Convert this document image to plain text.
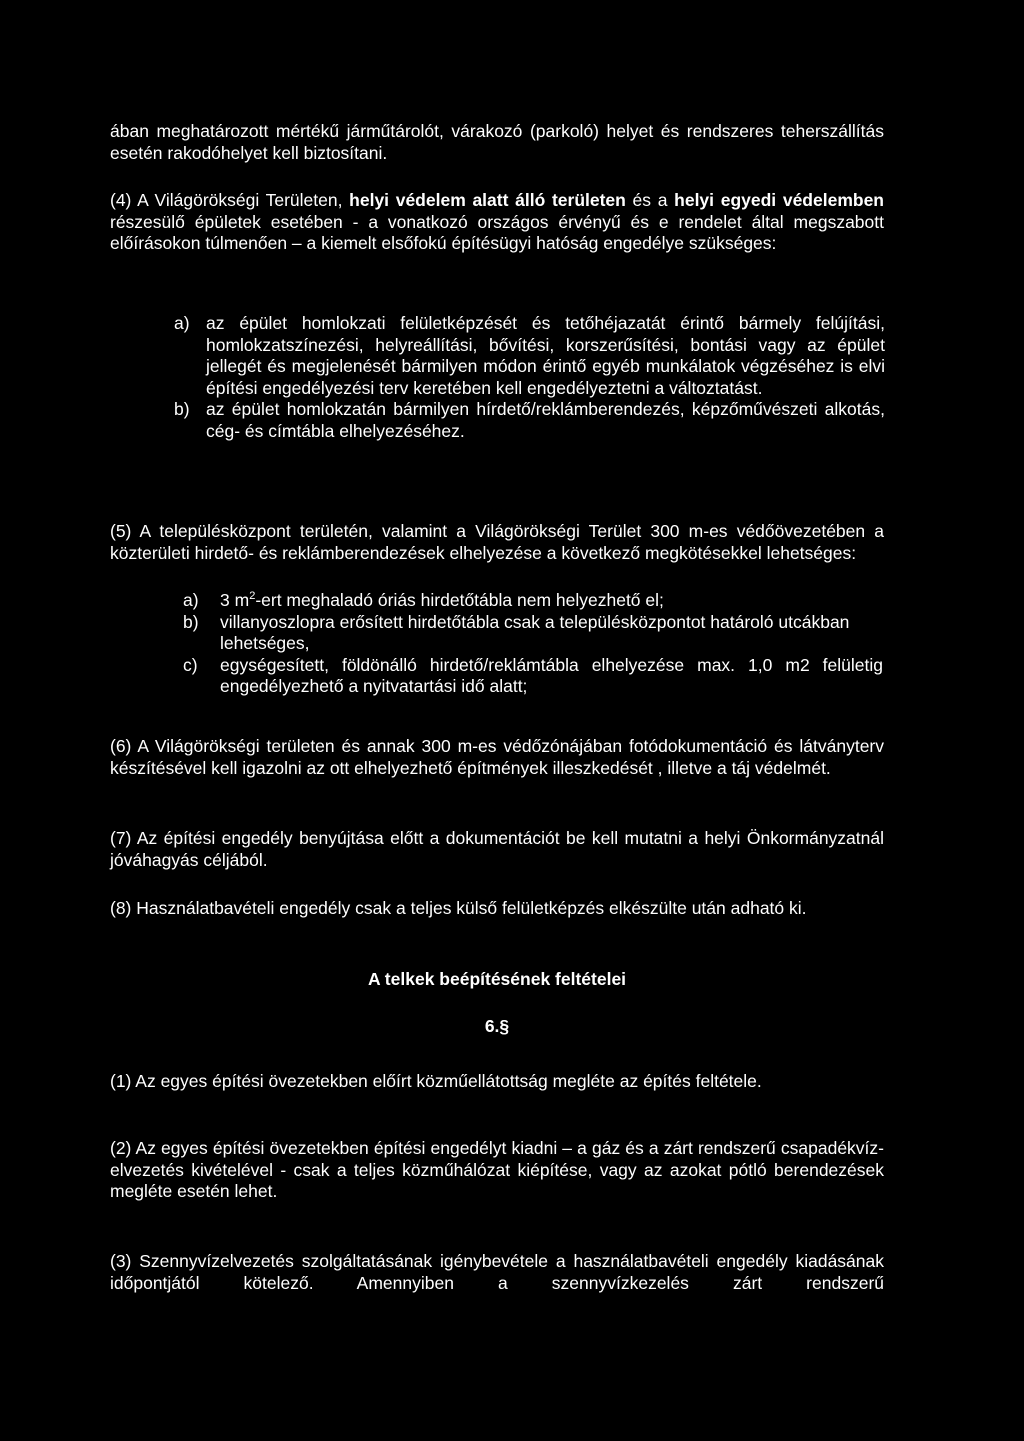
ában meghatározott mértékű járműtárolót, várakozó (parkoló) helyet és rendszeres teherszállítás esetén rakodóhelyet kell biztosítani.

(4) A Világörökségi Területen, helyi védelem alatt álló területen és a helyi egyedi védelemben részesülő épületek esetében - a vonatkozó országos érvényű és e rendelet által megszabott előírásokon túlmenően – a kiemelt elsőfokú építésügyi hatóság engedélye szükséges:

a) az épület homlokzati felületképzését és tetőhéjazatát érintő bármely felújítási, homlokzatszínezési, helyreállítási, bővítési, korszerűsítési, bontási vagy az épület jellegét és megjelenését bármilyen módon érintő egyéb munkálatok végzéséhez is elvi építési engedélyezési terv keretében kell engedélyeztetni a változtatást.
b) az épület homlokzatán bármilyen hírdető/reklámberendezés, képzőművészeti alkotás, cég- és címtábla elhelyezéséhez.

(5) A településközpont területén, valamint a Világörökségi Terület 300 m-es védőövezetében a közterületi hirdető- és reklámberendezések elhelyezése a következő megkötésekkel lehetséges:

a)	3 $m^2$-ert meghaladó óriás hirdetőtábla nem helyezhető el;
b)	villanyoszlopra erősített hirdetőtábla csak a településközpontot határoló utcákban lehetséges,
c)	egységesített, földönálló hirdető/reklámtábla elhelyezése max. 1,0 m2 felületig engedélyezhető a nyitvatartási idő alatt;

(6) A Világörökségi területen és annak 300 m-es védőzónájában fotódokumentáció és látványterv készítésével kell igazolni az ott elhelyezhető építmények illeszkedését , illetve a táj védelmét.

(7) Az építési engedély benyújtása előtt a dokumentációt be kell mutatni a helyi Önkormányzatnál jóváhagyás céljából.

(8) Használatbavételi engedély csak a teljes külső felületképzés elkészülte után adható ki.

A telkek beépítésének feltételei

6.§

(1) Az egyes építési övezetekben előírt közműellátottság megléte az építés feltétele.

(2) Az egyes építési övezetekben építési engedélyt kiadni – a gáz és a zárt rendszerű csapadékvíz-elvezetés kivételével - csak a teljes közműhálózat kiépítése, vagy az azokat pótló berendezések megléte esetén lehet.

(3) Szennyvízelvezetés szolgáltatásának igénybevétele a használatbavételi engedély kiadásának időpontjától kötelező. Amennyiben a szennyvízkezelés zárt rendszerű
